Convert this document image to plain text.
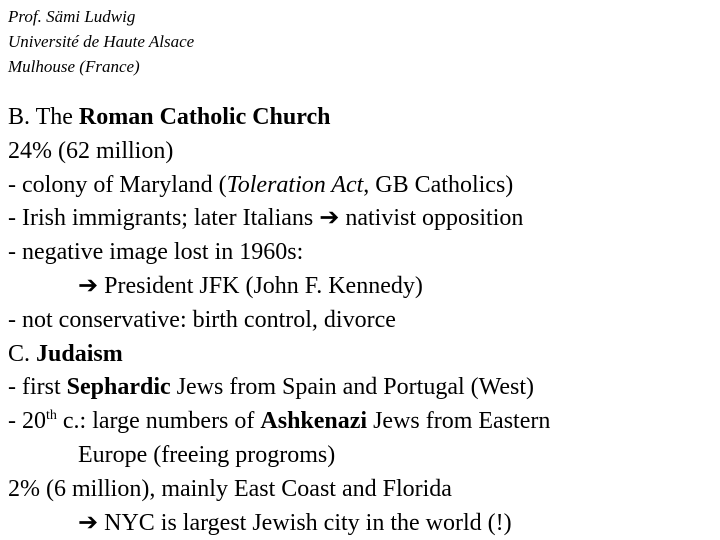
Prof. Sämi Ludwig
Université de Haute Alsace
Mulhouse (France)
B. The Roman Catholic Church
24% (62 million)
- colony of Maryland (Toleration Act, GB Catholics)
- Irish immigrants; later Italians ➔ nativist opposition
- negative image lost in 1960s:
➔ President JFK (John F. Kennedy)
- not conservative: birth control, divorce
C. Judaism
- first Sephardic Jews from Spain and Portugal (West)
- 20th c.: large numbers of Ashkenazi Jews from Eastern
Europe (freeing progroms)
2% (6 million), mainly East Coast and Florida
➔ NYC is largest Jewish city in the world (!)
